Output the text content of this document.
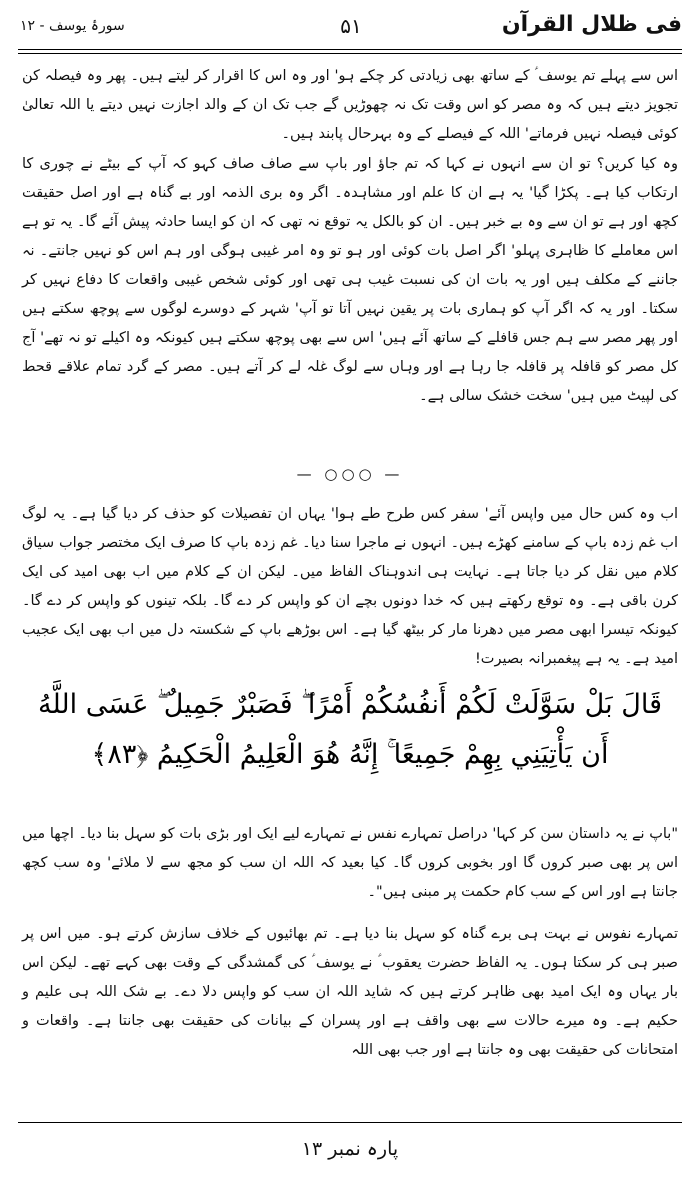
فی ظلال القرآن
۵۱
سورۂ یوسف - ۱۲

اس سے پہلے تم یوسف ؑ کے ساتھ بھی زیادتی کر چکے ہو' اور وہ اس کا اقرار کر لیتے ہیں۔ پھر وہ فیصلہ کن تجویز دیتے ہیں کہ وہ مصر کو اس وقت تک نہ چھوڑیں گے جب تک ان کے والد اجازت نہیں دیتے یا اللہ تعالیٰ کوئی فیصلہ نہیں فرماتے' اللہ کے فیصلے کے وہ بہرحال پابند ہیں۔

وہ کیا کریں؟ تو ان سے انہوں نے کہا کہ تم جاؤ اور باپ سے صاف صاف کہو کہ آپ کے بیٹے نے چوری کا ارتکاب کیا ہے۔ پکڑا گیا' یہ ہے ان کا علم اور مشاہدہ۔ اگر وہ بری الذمہ اور بے گناہ ہے اور اصل حقیقت کچھ اور ہے تو ان سے وہ بے خبر ہیں۔ ان کو بالکل یہ توقع نہ تھی کہ ان کو ایسا حادثہ پیش آئے گا۔ یہ تو ہے اس معاملے کا ظاہری پہلو' اگر اصل بات کوئی اور ہو تو وہ امر غیبی ہوگی اور ہم اس کو نہیں جانتے۔ نہ جاننے کے مکلف ہیں اور یہ بات ان کی نسبت غیب ہی تھی اور کوئی شخص غیبی واقعات کا دفاع نہیں کر سکتا۔ اور یہ کہ اگر آپ کو ہماری بات پر یقین نہیں آتا تو آپ' شہر کے دوسرے لوگوں سے پوچھ سکتے ہیں اور پھر مصر سے ہم جس قافلے کے ساتھ آئے ہیں' اس سے بھی پوچھ سکتے ہیں کیونکہ وہ اکیلے تو نہ تھے' آج کل مصر کو قافلہ پر قافلہ جا رہا ہے اور وہاں سے لوگ غلہ لے کر آتے ہیں۔ مصر کے گرد تمام علاقے قحط کی لپیٹ میں ہیں' سخت خشک سالی ہے۔

— ○○○ —

اب وہ کس حال میں واپس آئے' سفر کس طرح طے ہوا' یہاں ان تفصیلات کو حذف کر دیا گیا ہے۔ یہ لوگ اب غم زدہ باپ کے سامنے کھڑے ہیں۔ انہوں نے ماجرا سنا دیا۔ غم زدہ باپ کا صرف ایک مختصر جواب سیاق کلام میں نقل کر دیا جاتا ہے۔ نہایت ہی اندوہناک الفاظ میں۔ لیکن ان کے کلام میں اب بھی امید کی ایک کرن باقی ہے۔ وہ توقع رکھتے ہیں کہ خدا دونوں بچے ان کو واپس کر دے گا۔ بلکہ تینوں کو واپس کر دے گا۔ کیونکہ تیسرا ابھی مصر میں دھرنا مار کر بیٹھ گیا ہے۔ اس بوڑھے باپ کے شکستہ دل میں اب بھی ایک عجیب امید ہے۔ یہ ہے پیغمبرانہ بصیرت!

قَالَ بَلْ سَوَّلَتْ لَكُمْ أَنفُسُكُمْ أَمْرًا ۖ فَصَبْرٌ جَمِيلٌ ۖ عَسَى اللَّهُ
أَن يَأْتِيَنِي بِهِمْ جَمِيعًا ۚ إِنَّهُ هُوَ الْعَلِيمُ الْحَكِيمُ ﴿٨٣﴾

"باپ نے یہ داستان سن کر کہا' دراصل تمہارے نفس نے تمہارے لیے ایک اور بڑی بات کو سہل بنا دیا۔ اچھا میں اس پر بھی صبر کروں گا اور بخوبی کروں گا۔ کیا بعید کہ اللہ ان سب کو مجھ سے لا ملائے' وہ سب کچھ جانتا ہے اور اس کے سب کام حکمت پر مبنی ہیں"۔

تمہارے نفوس نے بہت ہی برے گناہ کو سہل بنا دیا ہے۔ تم بھائیوں کے خلاف سازش کرتے ہو۔ میں اس پر صبر ہی کر سکتا ہوں۔ یہ الفاظ حضرت یعقوب ؑ نے یوسف ؑ کی گمشدگی کے وقت بھی کہے تھے۔ لیکن اس بار یہاں وہ ایک امید بھی ظاہر کرتے ہیں کہ شاید اللہ ان سب کو واپس دلا دے۔ بے شک اللہ ہی علیم و حکیم ہے۔ وہ میرے حالات سے بھی واقف ہے اور پسران کے بیانات کی حقیقت بھی جانتا ہے۔ واقعات و امتحانات کی حقیقت بھی وہ جانتا ہے اور جب بھی اللہ

پارہ نمبر ۱۳
